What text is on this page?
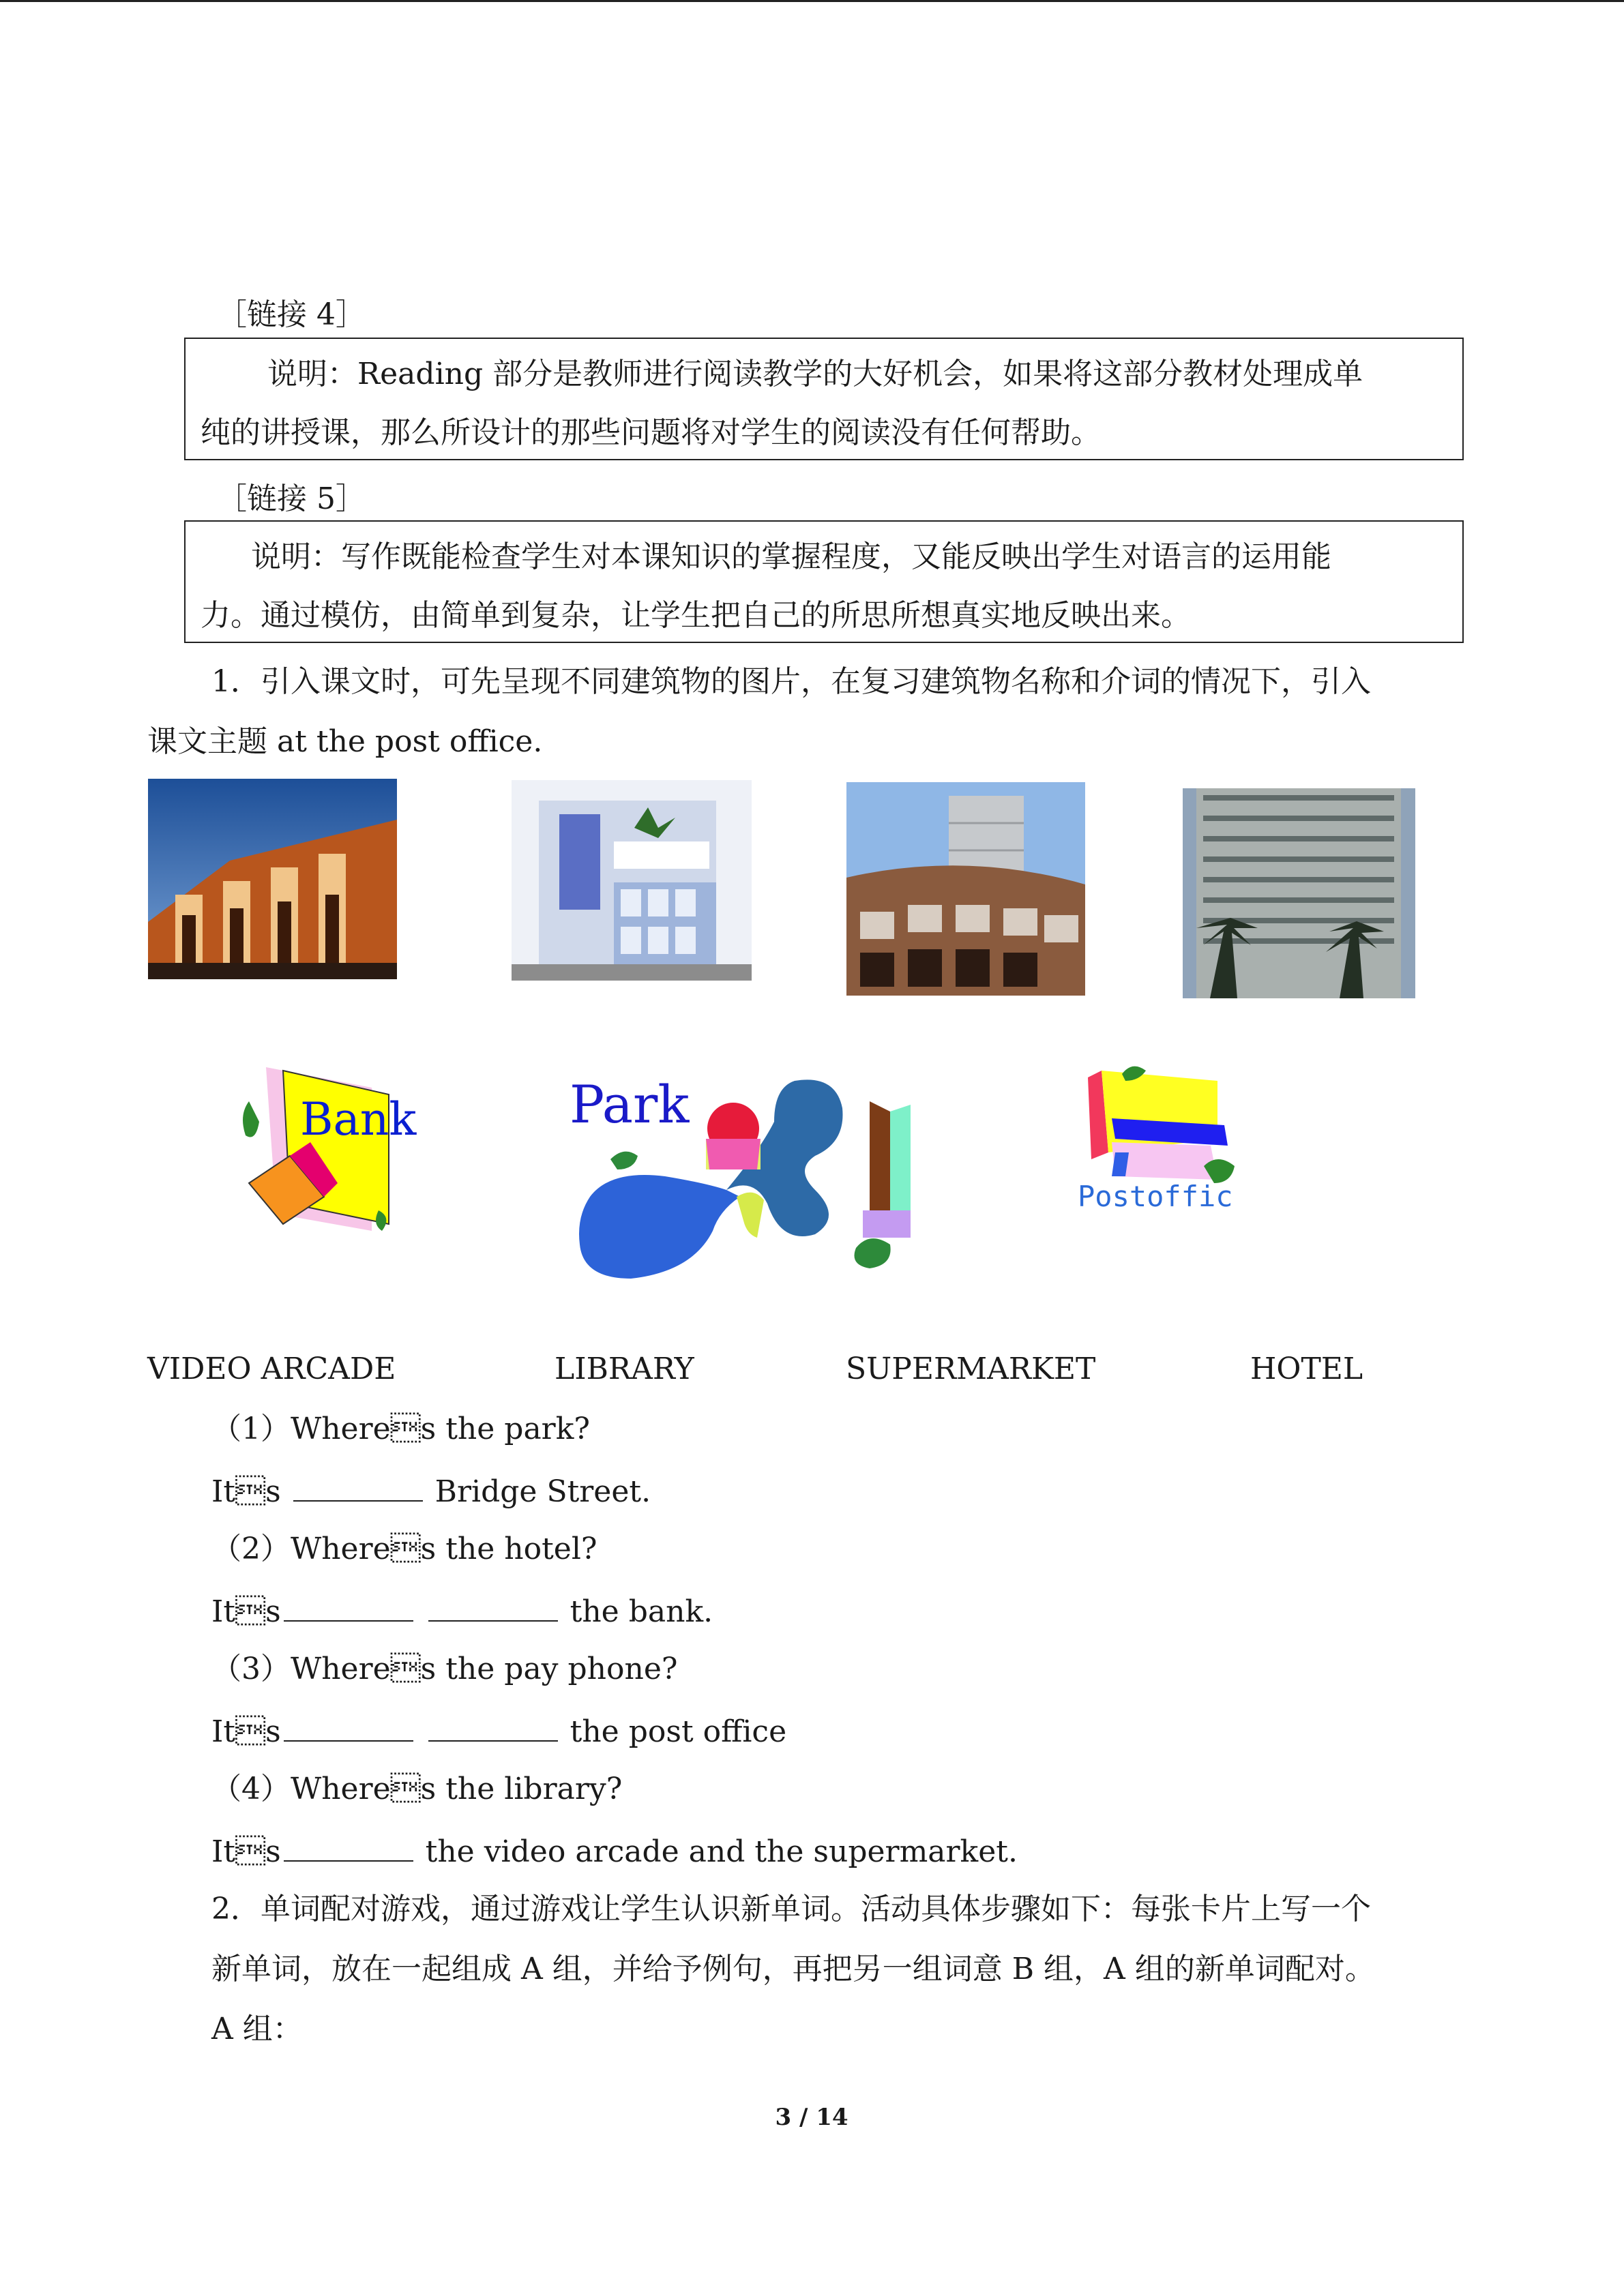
［链接 4］
说明：Reading 部分是教师进行阅读教学的大好机会，如果将这部分教材处理成单
纯的讲授课，那么所设计的那些问题将对学生的阅读没有任何帮助。
［链接 5］
说明：写作既能检查学生对本课知识的掌握程度，又能反映出学生对语言的运用能
力。通过模仿，由简单到复杂，让学生把自己的所思所想真实地反映出来。
1．引入课文时，可先呈现不同建筑物的图片，在复习建筑物名称和介词的情况下，引入
课文主题 at the post office.
Bank	Park
Postoffic
VIDEO ARCADE	LIBRARY	SUPERMARKET	HOTEL
（1）Wheres the park?
Its	Bridge Street.
（2）Wheres the hotel?
Its	the bank.
（3）Wheres the pay phone?
Its	the post office
（4）Wheres the library?
Its	the video arcade and the supermarket.
2．单词配对游戏，通过游戏让学生认识新单词。活动具体步骤如下：每张卡片上写一个
新单词，放在一起组成 A 组，并给予例句，再把另一组词意 B 组，A 组的新单词配对。
A 组：
3 / 14
